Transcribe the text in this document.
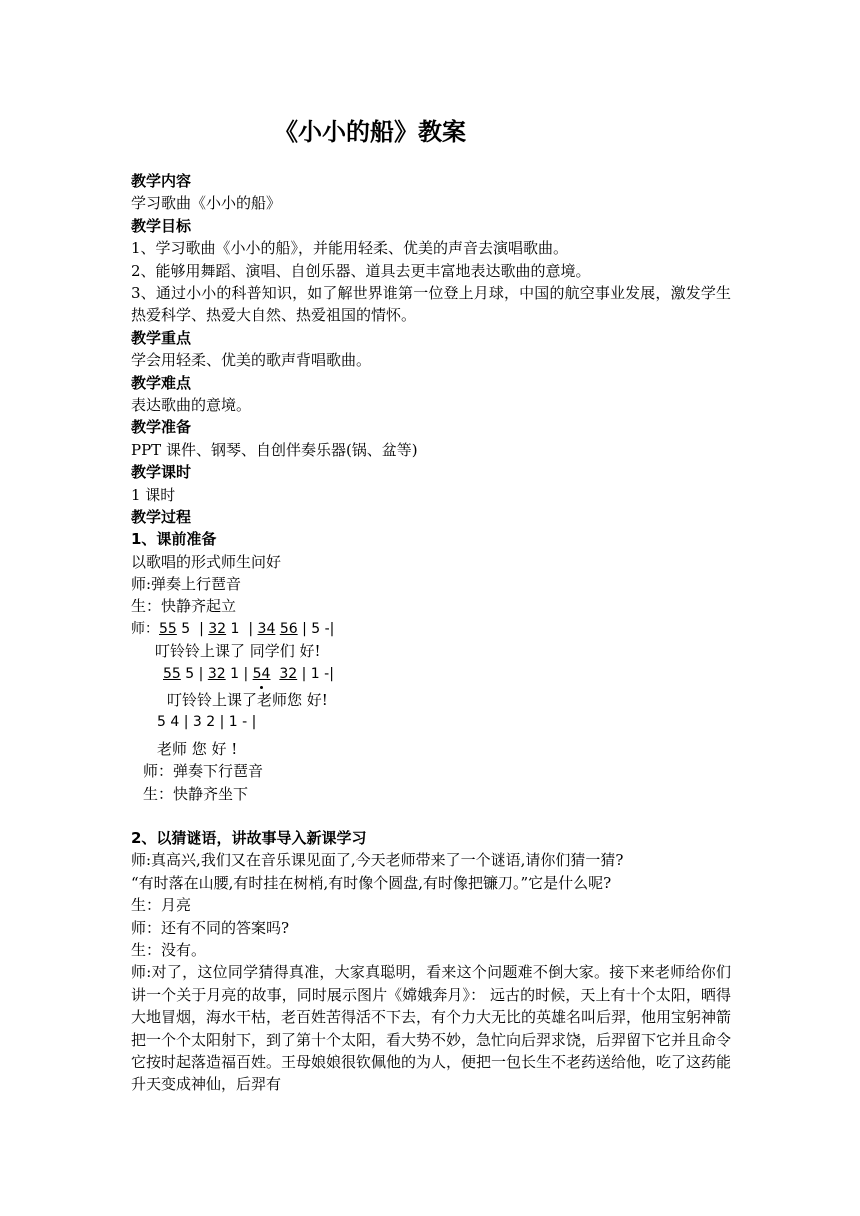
《小小的船》教案
教学内容
学习歌曲《小小的船》
教学目标
1、学习歌曲《小小的船》，并能用轻柔、优美的声音去演唱歌曲。
2、能够用舞蹈、演唱、自创乐器、道具去更丰富地表达歌曲的意境。
3、通过小小的科普知识，如了解世界谁第一位登上月球，中国的航空事业发展，激发学生热爱科学、热爱大自然、热爱祖国的情怀。
教学重点
学会用轻柔、优美的歌声背唱歌曲。
教学难点
表达歌曲的意境。
教学准备
PPT 课件、钢琴、自创伴奏乐器(锅、盆等)
教学课时
1 课时
教学过程
1、课前准备
以歌唱的形式师生问好
师:弹奏上行琶音
生：快静齐起立
师：55 5  | 32 1  | 34 56 | 5 -|
叮铃铃上课了 同学们 好!
55 5 | 32 1 | 54 32 | 1 -|
叮铃铃上课了老师您 好!
5 4 | 3 2 | 1 - |
老师 您 好 !
师：弹奏下行琶音
生：快静齐坐下
2、以猜谜语，讲故事导入新课学习
师:真高兴,我们又在音乐课见面了,今天老师带来了一个谜语,请你们猜一猜?
“有时落在山腰,有时挂在树梢,有时像个圆盘,有时像把镰刀。”它是什么呢?
生：月亮
师：还有不同的答案吗?
生：没有。
师:对了，这位同学猜得真准，大家真聪明，看来这个问题难不倒大家。接下来老师给你们讲一个关于月亮的故事，同时展示图片《嫦娥奔月》： 远古的时候，天上有十个太阳，晒得大地冒烟，海水干枯，老百姓苦得活不下去，有个力大无比的英雄名叫后羿，他用宝躬神箭把一个个太阳射下，到了第十个太阳，看大势不妙，急忙向后羿求饶，后羿留下它并且命令它按时起落造福百姓。王母娘娘很钦佩他的为人，便把一包长生不老药送给他，吃了这药能升天变成神仙，后羿有
